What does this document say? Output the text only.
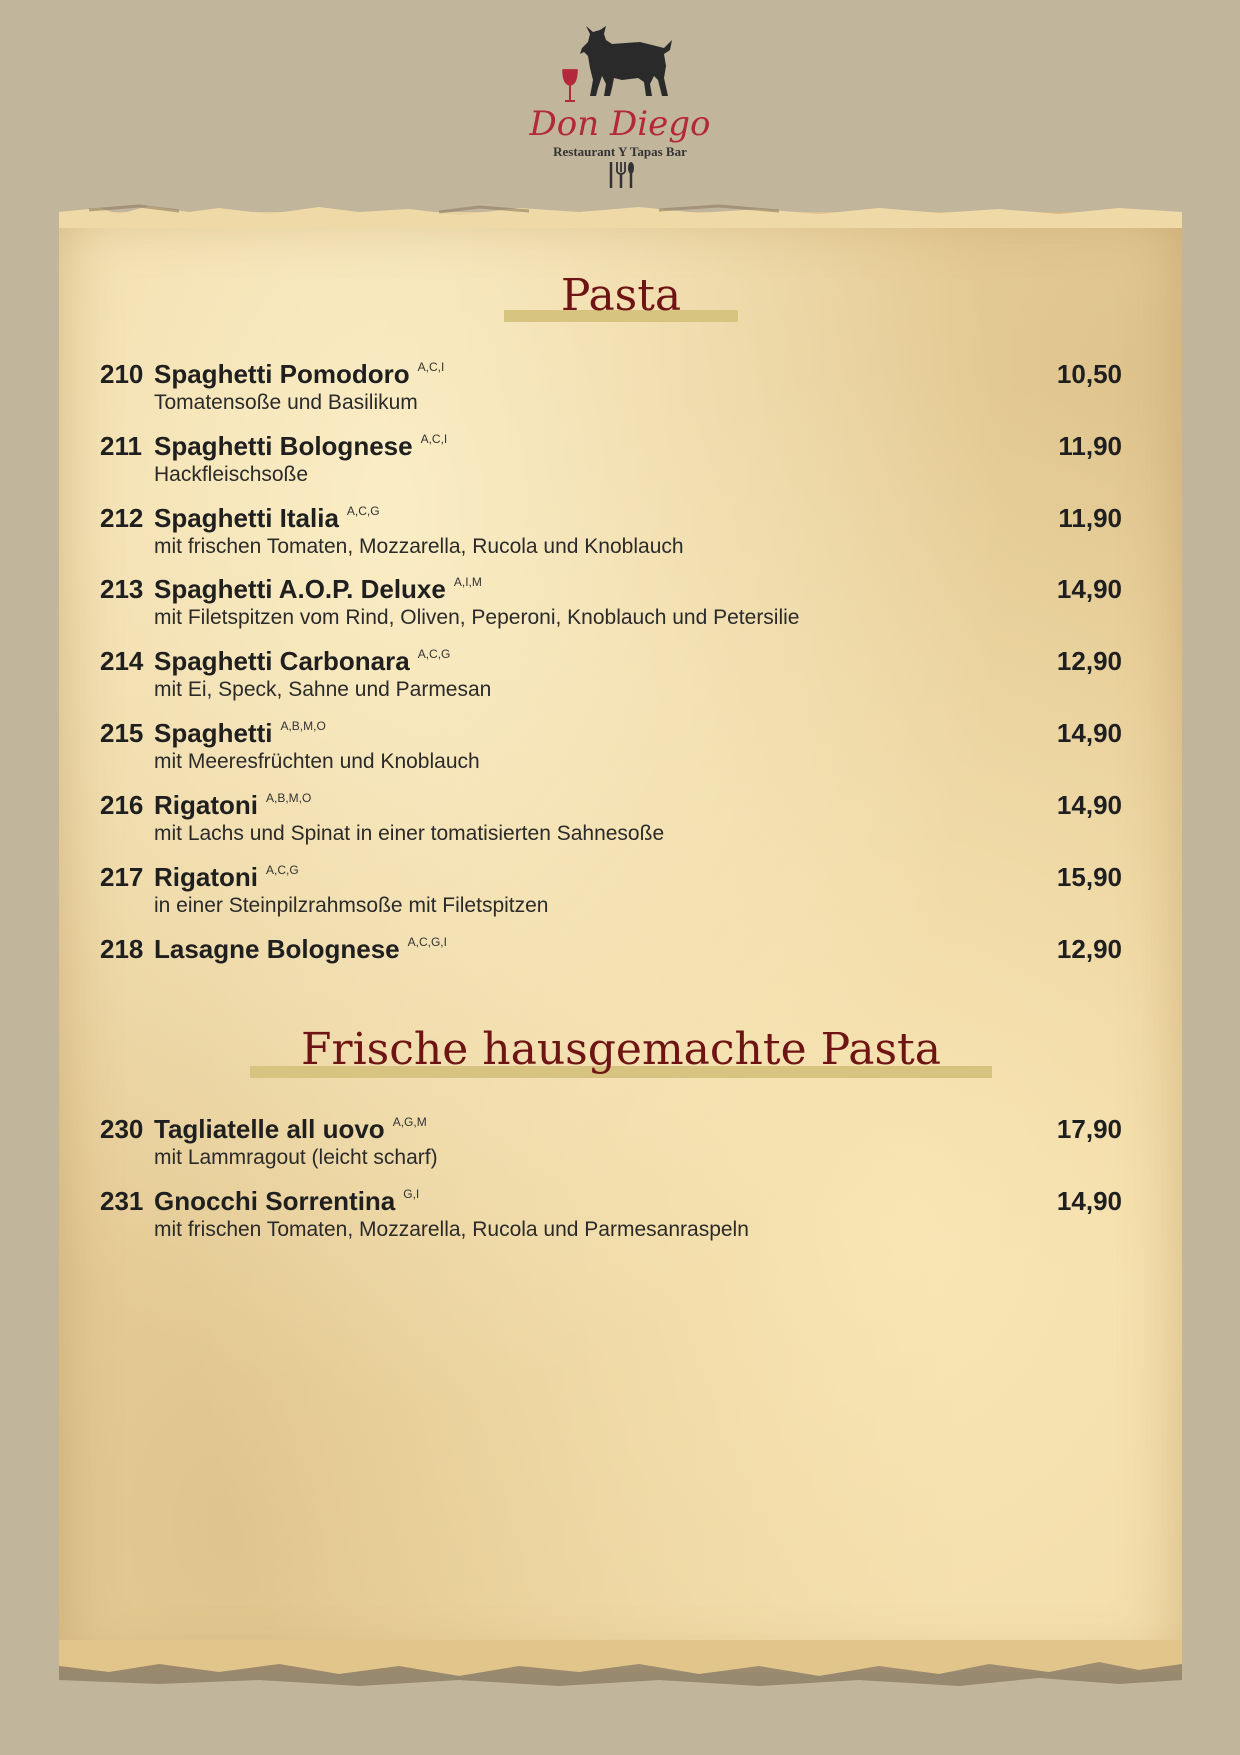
Don Diego
Restaurant Y Tapas Bar
Pasta
210 Spaghetti Pomodoro $^{A,C,I}$	10,50
Tomatensoße und Basilikum
211 Spaghetti Bolognese $^{A,C,I}$	11,90
Hackfleischsoße
212 Spaghetti Italia $^{A,C,G}$	11,90
mit frischen Tomaten, Mozzarella, Rucola und Knoblauch
213 Spaghetti A.O.P. Deluxe $^{A,I,M}$	14,90
mit Filetspitzen vom Rind, Oliven, Peperoni, Knoblauch und Petersilie
214 Spaghetti Carbonara $^{A,C,G}$	12,90
mit Ei, Speck, Sahne und Parmesan
215 Spaghetti $^{A,B,M,O}$	14,90
mit Meeresfrüchten und Knoblauch
216 Rigatoni $^{A,B,M,O}$	14,90
mit Lachs und Spinat in einer tomatisierten Sahnesoße
217 Rigatoni $^{A,C,G}$	15,90
in einer Steinpilzrahmsoße mit Filetspitzen
218 Lasagne Bolognese $^{A,C,G,I}$	12,90
Frische hausgemachte Pasta
230 Tagliatelle all uovo $^{A,G,M}$	17,90
mit Lammragout (leicht scharf)
231 Gnocchi Sorrentina $^{G,I}$	14,90
mit frischen Tomaten, Mozzarella, Rucola und Parmesanraspeln
